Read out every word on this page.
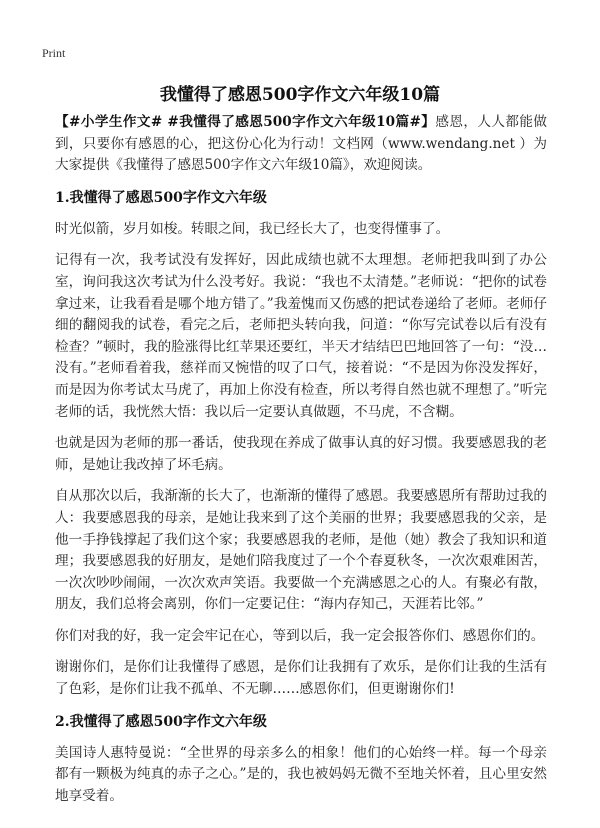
Print
我懂得了感恩500字作文六年级10篇

【#小学生作文# #我懂得了感恩500字作文六年级10篇#】感恩，人人都能做到，只要你有感恩的心，把这份心化为行动！文档网（www.wendang.net ）为大家提供《我懂得了感恩500字作文六年级10篇》，欢迎阅读。

1.我懂得了感恩500字作文六年级

时光似箭，岁月如梭。转眼之间，我已经长大了，也变得懂事了。

记得有一次，我考试没有发挥好，因此成绩也就不太理想。老师把我叫到了办公室，询问我这次考试为什么没考好。我说：“我也不太清楚。”老师说：“把你的试卷拿过来，让我看看是哪个地方错了。”我羞愧而又伤感的把试卷递给了老师。老师仔细的翻阅我的试卷，看完之后，老师把头转向我，问道：“你写完试卷以后有没有检查？”顿时，我的脸涨得比红苹果还要红，半天才结结巴巴地回答了一句：“没…没有。”老师看着我，慈祥而又惋惜的叹了口气，接着说：“不是因为你没发挥好，而是因为你考试太马虎了，再加上你没有检查，所以考得自然也就不理想了。”听完老师的话，我恍然大悟：我以后一定要认真做题，不马虎，不含糊。

也就是因为老师的那一番话，使我现在养成了做事认真的好习惯。我要感恩我的老师，是她让我改掉了坏毛病。

自从那次以后，我渐渐的长大了，也渐渐的懂得了感恩。我要感恩所有帮助过我的人：我要感恩我的母亲，是她让我来到了这个美丽的世界；我要感恩我的父亲，是他一手挣钱撑起了我们这个家；我要感恩我的老师，是他（她）教会了我知识和道理；我要感恩我的好朋友，是她们陪我度过了一个个春夏秋冬，一次次艰难困苦，一次次吵吵闹闹，一次次欢声笑语。我要做一个充满感恩之心的人。有聚必有散，朋友，我们总将会离别，你们一定要记住：“海内存知己，天涯若比邻。”

你们对我的好，我一定会牢记在心，等到以后，我一定会报答你们、感恩你们的。

谢谢你们，是你们让我懂得了感恩，是你们让我拥有了欢乐，是你们让我的生活有了色彩，是你们让我不孤单、不无聊……感恩你们，但更谢谢你们!

2.我懂得了感恩500字作文六年级

美国诗人惠特曼说：“全世界的母亲多么的相象！他们的心始终一样。每一个母亲都有一颗极为纯真的赤子之心。”是的，我也被妈妈无微不至地关怀着，且心里安然地享受着。
